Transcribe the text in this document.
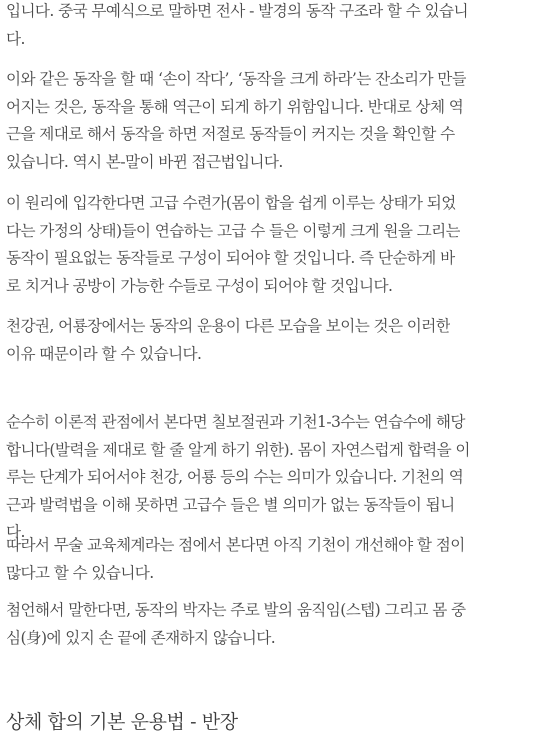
입니다. 중국 무예식으로 말하면 전사 - 발경의 동작 구조라 할 수 있습니
다.

이와 같은 동작을 할 때 ‘손이 작다’, ‘동작을 크게 하라’는 잔소리가 만들
어지는 것은, 동작을 통해 역근이 되게 하기 위함입니다. 반대로 상체 역
근을 제대로 해서 동작을 하면 저절로 동작들이 커지는 것을 확인할 수
있습니다. 역시 본-말이 바뀐 접근법입니다.

이 원리에 입각한다면 고급 수련가(몸이 합을 쉽게 이루는 상태가 되었
다는 가정의 상태)들이 연습하는 고급 수 들은 이렇게 크게 원을 그리는
동작이 필요없는 동작들로 구성이 되어야 할 것입니다. 즉 단순하게 바
로 치거나 공방이 가능한 수들로 구성이 되어야 할 것입니다.

천강권, 어룡장에서는 동작의 운용이 다른 모습을 보이는 것은 이러한
이유 때문이라 할 수 있습니다.

순수히 이론적 관점에서 본다면 칠보절권과 기천1-3수는 연습수에 해당
합니다(발력을 제대로 할 줄 알게 하기 위한). 몸이 자연스럽게 합력을 이
루는 단계가 되어서야 천강, 어룡 등의 수는 의미가 있습니다. 기천의 역
근과 발력법을 이해 못하면 고급수 들은 별 의미가 없는 동작들이 됩니
다.

따라서 무술 교육체계라는 점에서 본다면 아직 기천이 개선해야 할 점이
많다고 할 수 있습니다.

첨언해서 말한다면, 동작의 박자는 주로 발의 움직임(스텝) 그리고 몸 중
심(身)에 있지 손 끝에 존재하지 않습니다.

상체 합의 기본 운용법 - 반장
